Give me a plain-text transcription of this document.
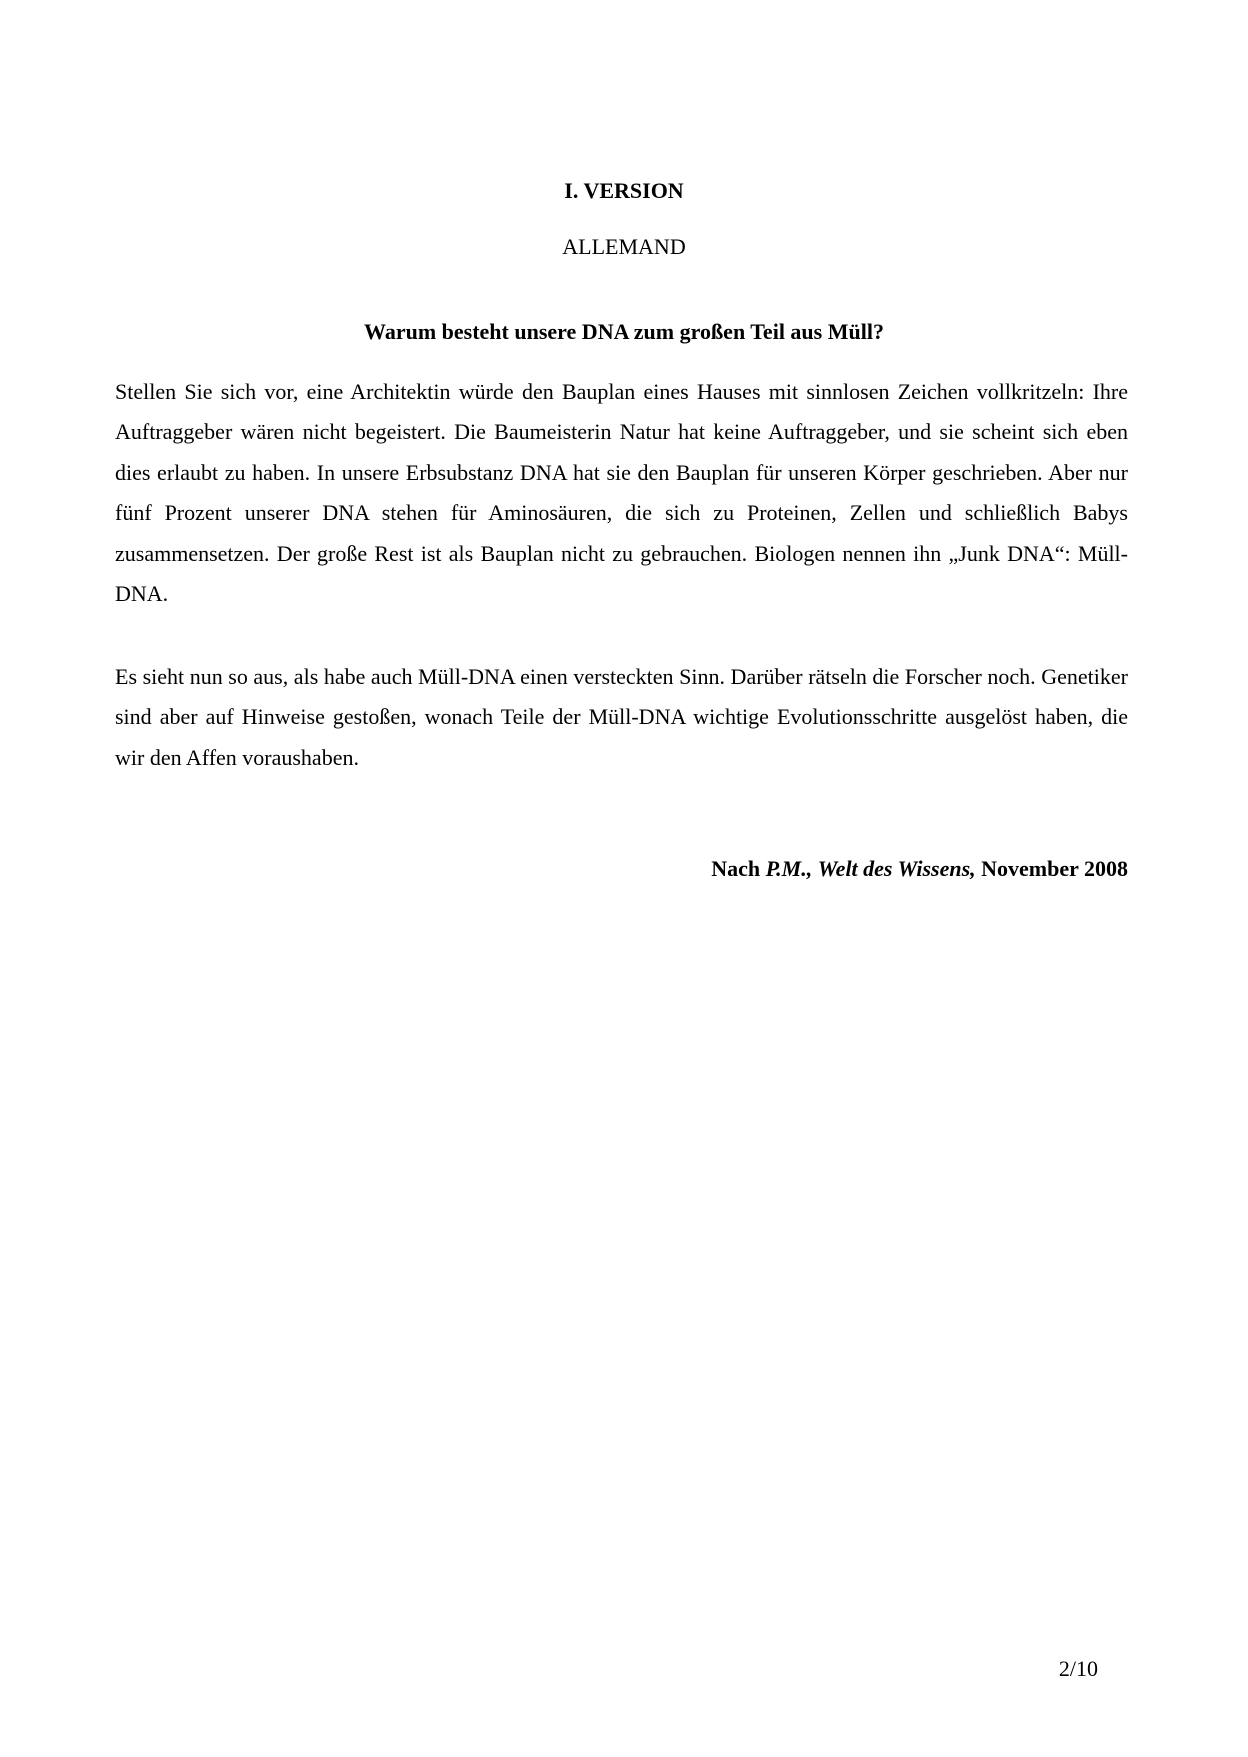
I. VERSION
ALLEMAND
Warum besteht unsere DNA zum großen Teil aus Müll?

Stellen Sie sich vor, eine Architektin würde den Bauplan eines Hauses mit sinnlosen Zeichen vollkritzeln: Ihre Auftraggeber wären nicht begeistert. Die Baumeisterin Natur hat keine Auftraggeber, und sie scheint sich eben dies erlaubt zu haben. In unsere Erbsubstanz DNA hat sie den Bauplan für unseren Körper geschrieben. Aber nur fünf Prozent unserer DNA stehen für Aminosäuren, die sich zu Proteinen, Zellen und schließlich Babys zusammensetzen. Der große Rest ist als Bauplan nicht zu gebrauchen. Biologen nennen ihn „Junk DNA“: Müll-DNA.

Es sieht nun so aus, als habe auch Müll-DNA einen versteckten Sinn. Darüber rätseln die Forscher noch. Genetiker sind aber auf Hinweise gestoßen, wonach Teile der Müll-DNA wichtige Evolutionsschritte ausgelöst haben, die wir den Affen voraushaben.

Nach P.M., Welt des Wissens, November 2008
2/10
